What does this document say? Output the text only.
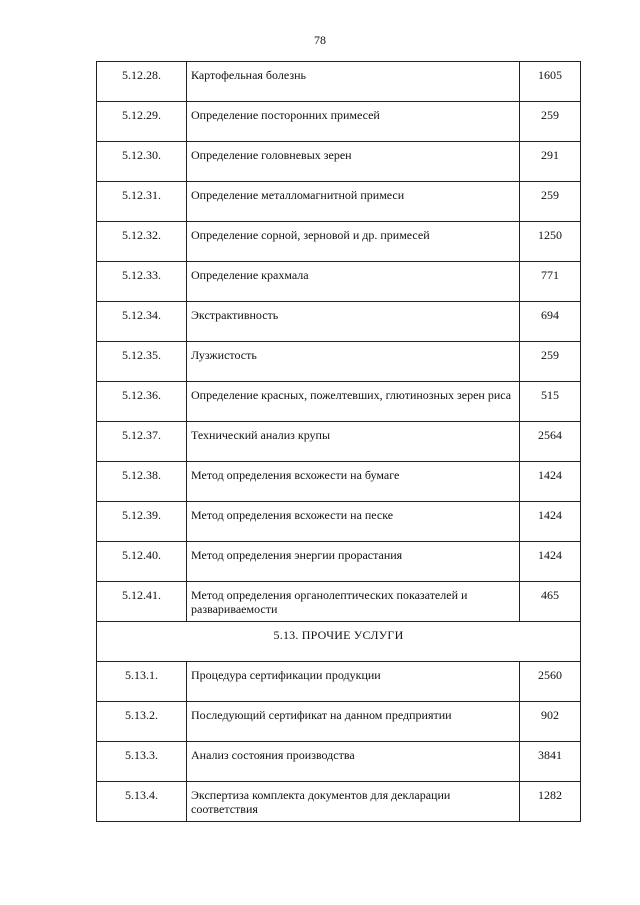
78
5.12.28.	Картофельная болезнь	1605
5.12.29.	Определение посторонних примесей	259
5.12.30.	Определение головневых зерен	291
5.12.31.	Определение металломагнитной примеси	259
5.12.32.	Определение сорной, зерновой и др. примесей	1250
5.12.33.	Определение крахмала	771
5.12.34.	Экстрактивность	694
5.12.35.	Лузжистость	259
5.12.36.	Определение красных, пожелтевших, глютинозных зерен риса	515
5.12.37.	Технический анализ крупы	2564
5.12.38.	Метод определения всхожести на бумаге	1424
5.12.39.	Метод определения всхожести на песке	1424
5.12.40.	Метод определения энергии прорастания	1424
5.12.41.	Метод определения органолептических показателей и развариваемости	465
5.13. ПРОЧИЕ УСЛУГИ		
5.13.1.	Процедура сертификации продукции	2560
5.13.2.	Последующий сертификат на данном предприятии	902
5.13.3.	Анализ состояния производства	3841
5.13.4.	Экспертиза комплекта документов для декларации соответствия	1282
